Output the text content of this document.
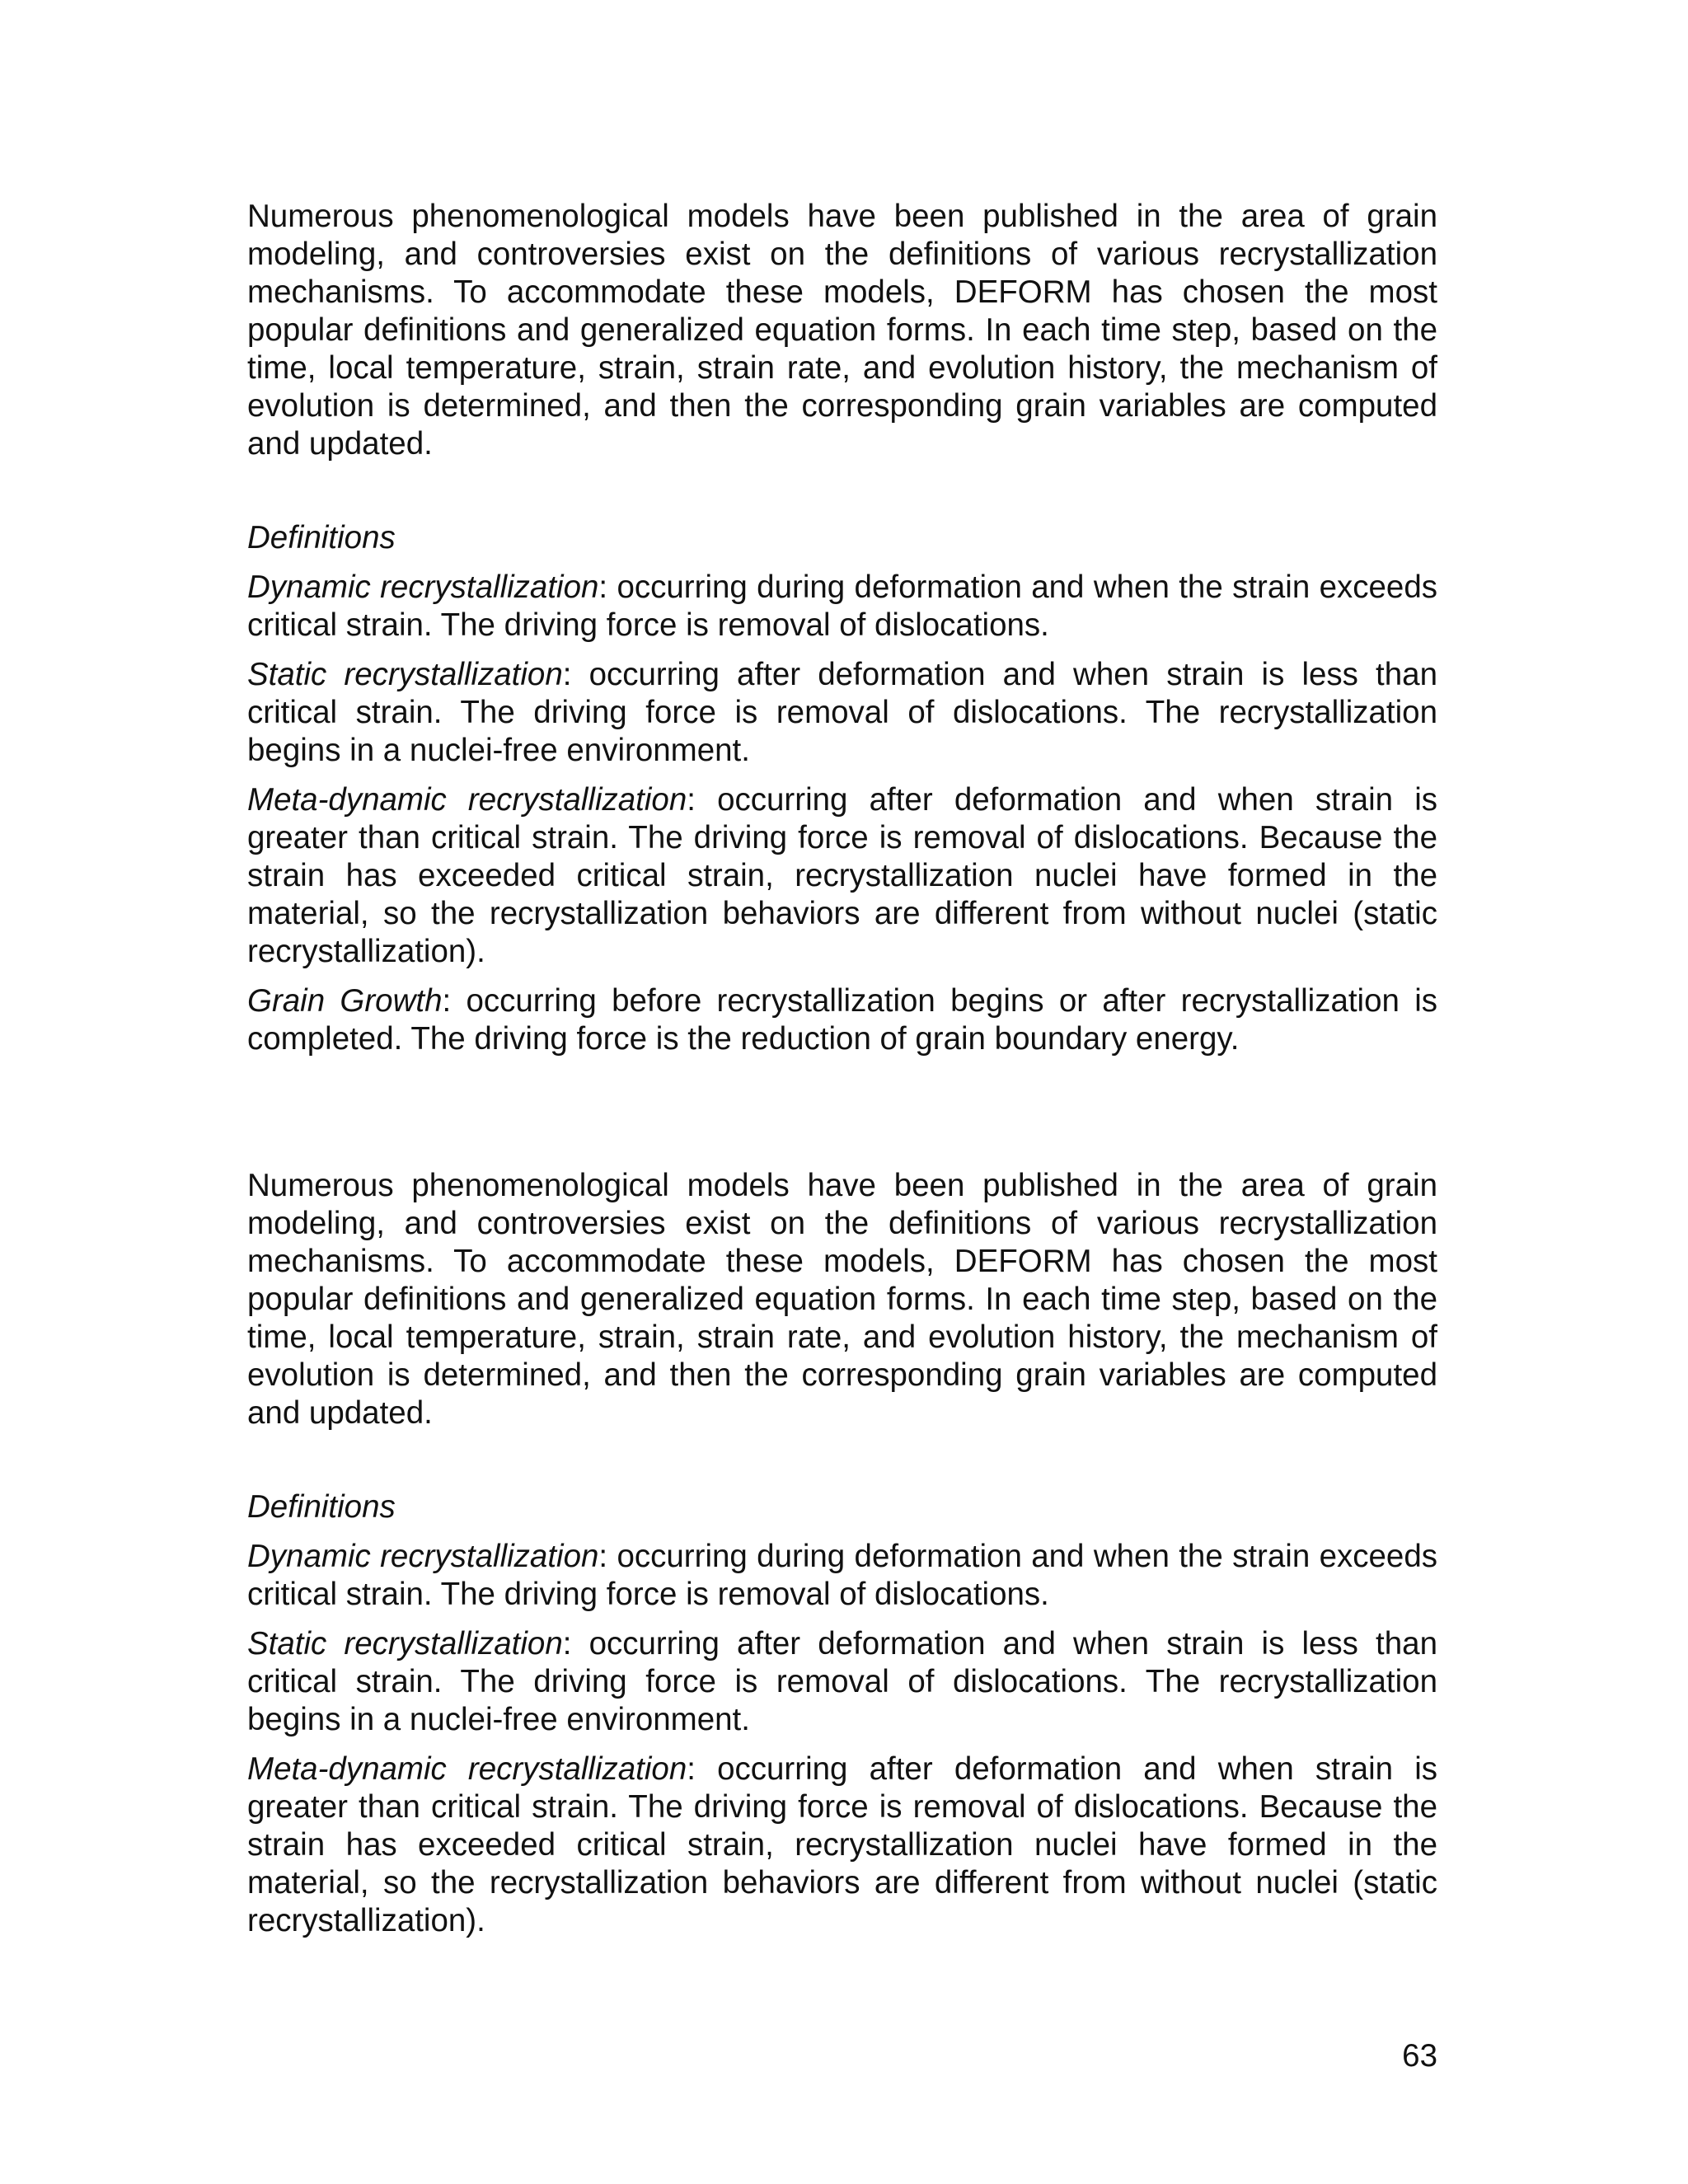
Numerous phenomenological models have been published in the area of grain modeling, and controversies exist on the definitions of various recrystallization mechanisms. To accommodate these models, DEFORM has chosen the most popular definitions and generalized equation forms. In each time step, based on the time, local temperature, strain, strain rate, and evolution history, the mechanism of evolution is determined, and then the corresponding grain variables are computed and updated.

Definitions

Dynamic recrystallization: occurring during deformation and when the strain exceeds critical strain. The driving force is removal of dislocations.

Static recrystallization: occurring after deformation and when strain is less than critical strain. The driving force is removal of dislocations. The recrystallization begins in a nuclei-free environment.

Meta-dynamic recrystallization: occurring after deformation and when strain is greater than critical strain. The driving force is removal of dislocations. Because the strain has exceeded critical strain, recrystallization nuclei have formed in the material, so the recrystallization behaviors are different from without nuclei (static recrystallization).

Grain Growth: occurring before recrystallization begins or after recrystallization is completed. The driving force is the reduction of grain boundary energy.

Numerous phenomenological models have been published in the area of grain modeling, and controversies exist on the definitions of various recrystallization mechanisms. To accommodate these models, DEFORM has chosen the most popular definitions and generalized equation forms. In each time step, based on the time, local temperature, strain, strain rate, and evolution history, the mechanism of evolution is determined, and then the corresponding grain variables are computed and updated.

Definitions

Dynamic recrystallization: occurring during deformation and when the strain exceeds critical strain. The driving force is removal of dislocations.

Static recrystallization: occurring after deformation and when strain is less than critical strain. The driving force is removal of dislocations. The recrystallization begins in a nuclei-free environment.

Meta-dynamic recrystallization: occurring after deformation and when strain is greater than critical strain. The driving force is removal of dislocations. Because the strain has exceeded critical strain, recrystallization nuclei have formed in the material, so the recrystallization behaviors are different from without nuclei (static recrystallization).

63
